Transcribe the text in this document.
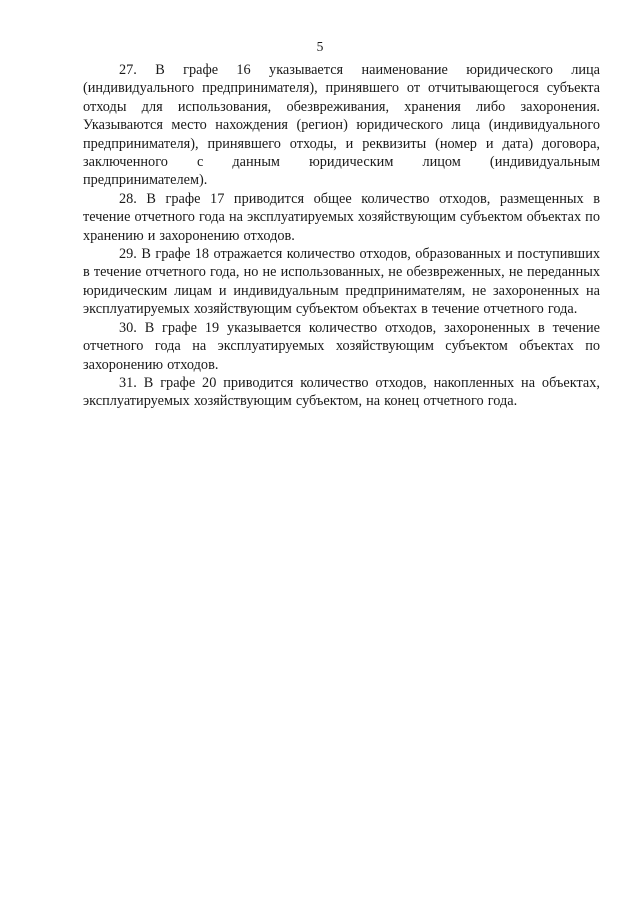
5

27. В графе 16 указывается наименование юридического лица (индивидуального предпринимателя), принявшего от отчитывающегося субъекта отходы для использования, обезвреживания, хранения либо захоронения. Указываются место нахождения (регион) юридического лица (индивидуального предпринимателя), принявшего отходы, и реквизиты (номер и дата) договора, заключенного с данным юридическим лицом (индивидуальным предпринимателем).

28. В графе 17 приводится общее количество отходов, размещенных в течение отчетного года на эксплуатируемых хозяйствующим субъектом объектах по хранению и захоронению отходов.

29. В графе 18 отражается количество отходов, образованных и поступивших в течение отчетного года, но не использованных, не обезвреженных, не переданных юридическим лицам и индивидуальным предпринимателям, не захороненных на эксплуатируемых хозяйствующим субъектом объектах в течение отчетного года.

30. В графе 19 указывается количество отходов, захороненных в течение отчетного года на эксплуатируемых хозяйствующим субъектом объектах по захоронению отходов.

31. В графе 20 приводится количество отходов, накопленных на объектах, эксплуатируемых хозяйствующим субъектом, на конец отчетного года.
